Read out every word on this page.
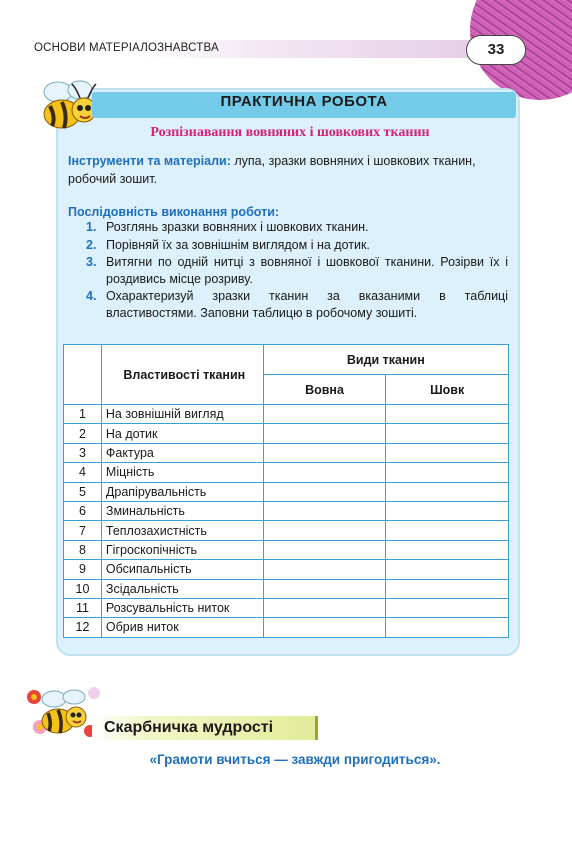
ОСНОВИ МАТЕРІАЛОЗНАВСТВА	33
ПРАКТИЧНА РОБОТА
Розпізнавання вовняних і шовкових тканин
Інструменти та матеріали: лупа, зразки вовняних і шовкових тканин, робочий зошит.
Послідовність виконання роботи:
1. Розглянь зразки вовняних і шовкових тканин.
2. Порівняй їх за зовнішнім виглядом і на дотик.
3. Витягни по одній нитці з вовняної і шовкової тканини. Розірви їх і роздивись місце розриву.
4. Охарактеризуй зразки тканин за вказаними в таблиці властивостями. Заповни таблицю в робочому зошиті.
	Властивості тканин	Види тканин	
		Вовна	Шовк
1	На зовнішній вигляд		
2	На дотик		
3	Фактура		
4	Міцність		
5	Драпірувальність		
6	Зминальність		
7	Теплозахистність		
8	Гігроскопічність		
9	Обсипальність		
10	Зсідальність		
11	Розсувальність ниток		
12	Обрив ниток		
Скарбничка мудрості
«Грамоти вчиться — завжди пригодиться».
